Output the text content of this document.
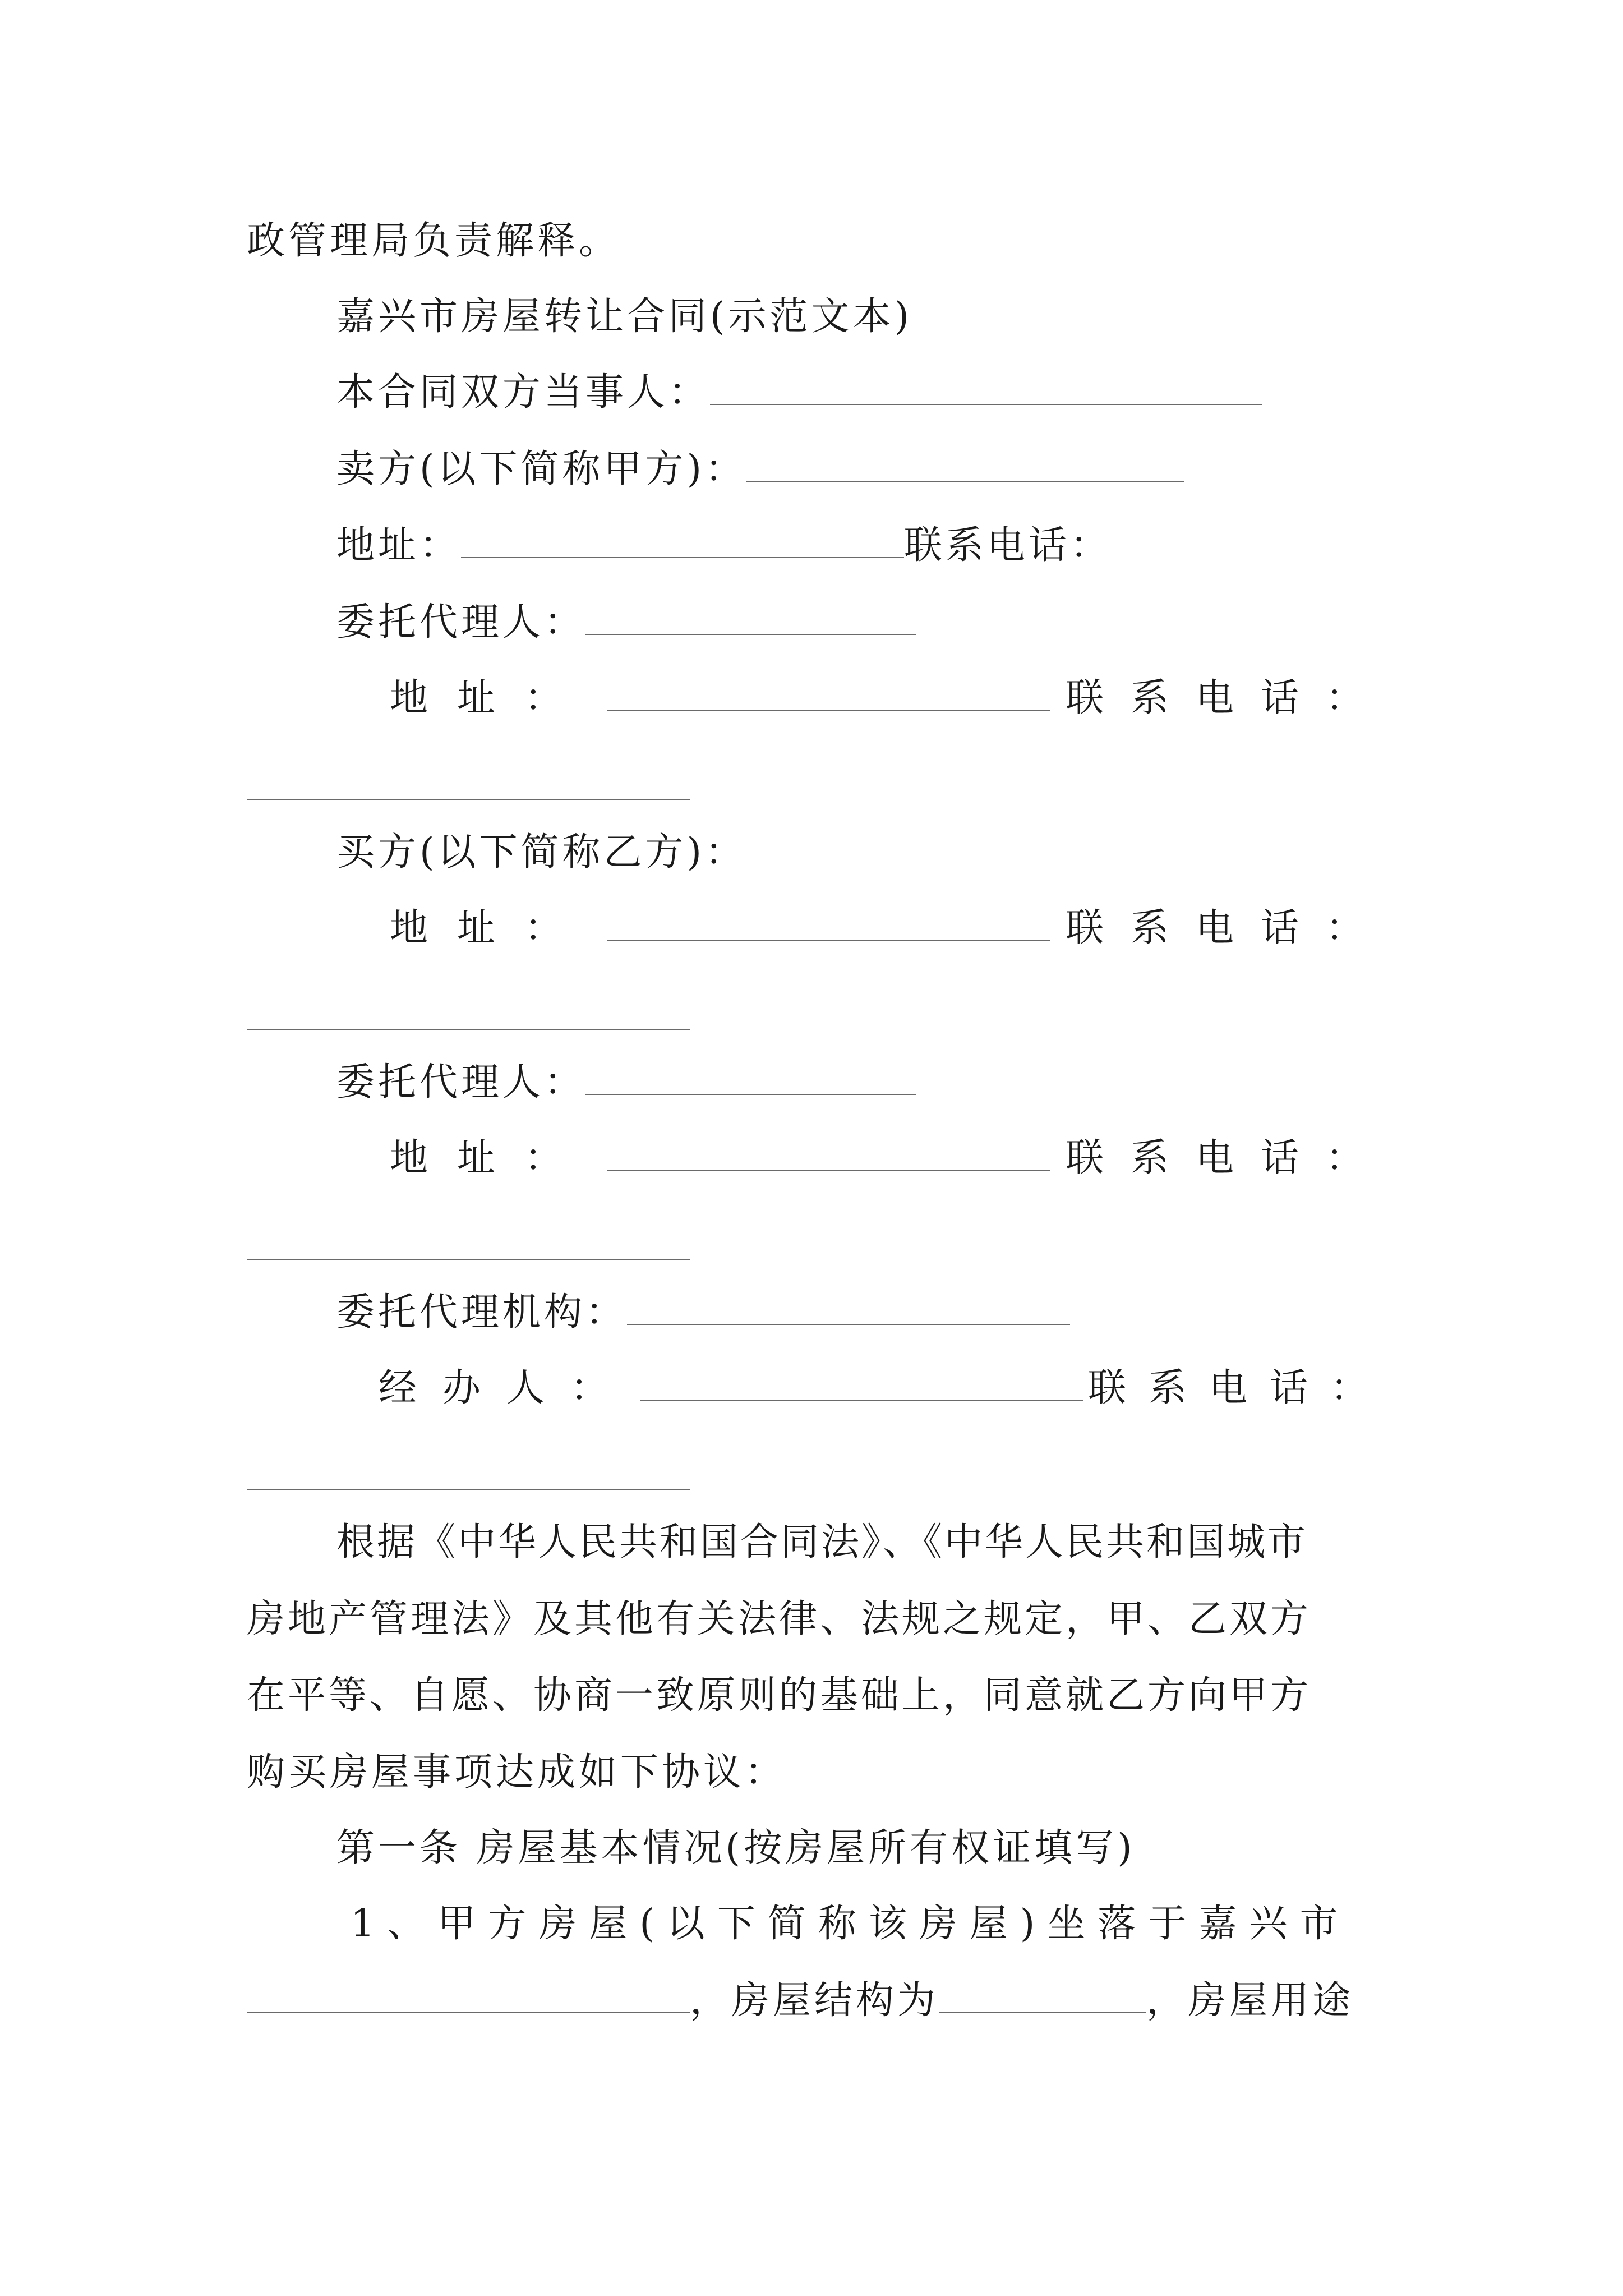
政管理局负责解释。
嘉兴市房屋转让合同(示范文本)
本合同双方当事人：
卖方(以下简称甲方)：
地址：	联系电话：
委托代理人：
地址：	联系电话：
买方(以下简称乙方)：
地址：	联系电话：
委托代理人：
地址：	联系电话：
委托代理机构：
经办人：	联系电话：
根据《中华人民共和国合同法》、《中华人民共和国城市
房地产管理法》及其他有关法律、法规之规定，甲、乙双方
在平等、自愿、协商一致原则的基础上，同意就乙方向甲方
购买房屋事项达成如下协议：
第一条 房屋基本情况(按房屋所有权证填写)
1、甲方房屋(以下简称该房屋)坐落于嘉兴市
，房屋结构为	，房屋用途
